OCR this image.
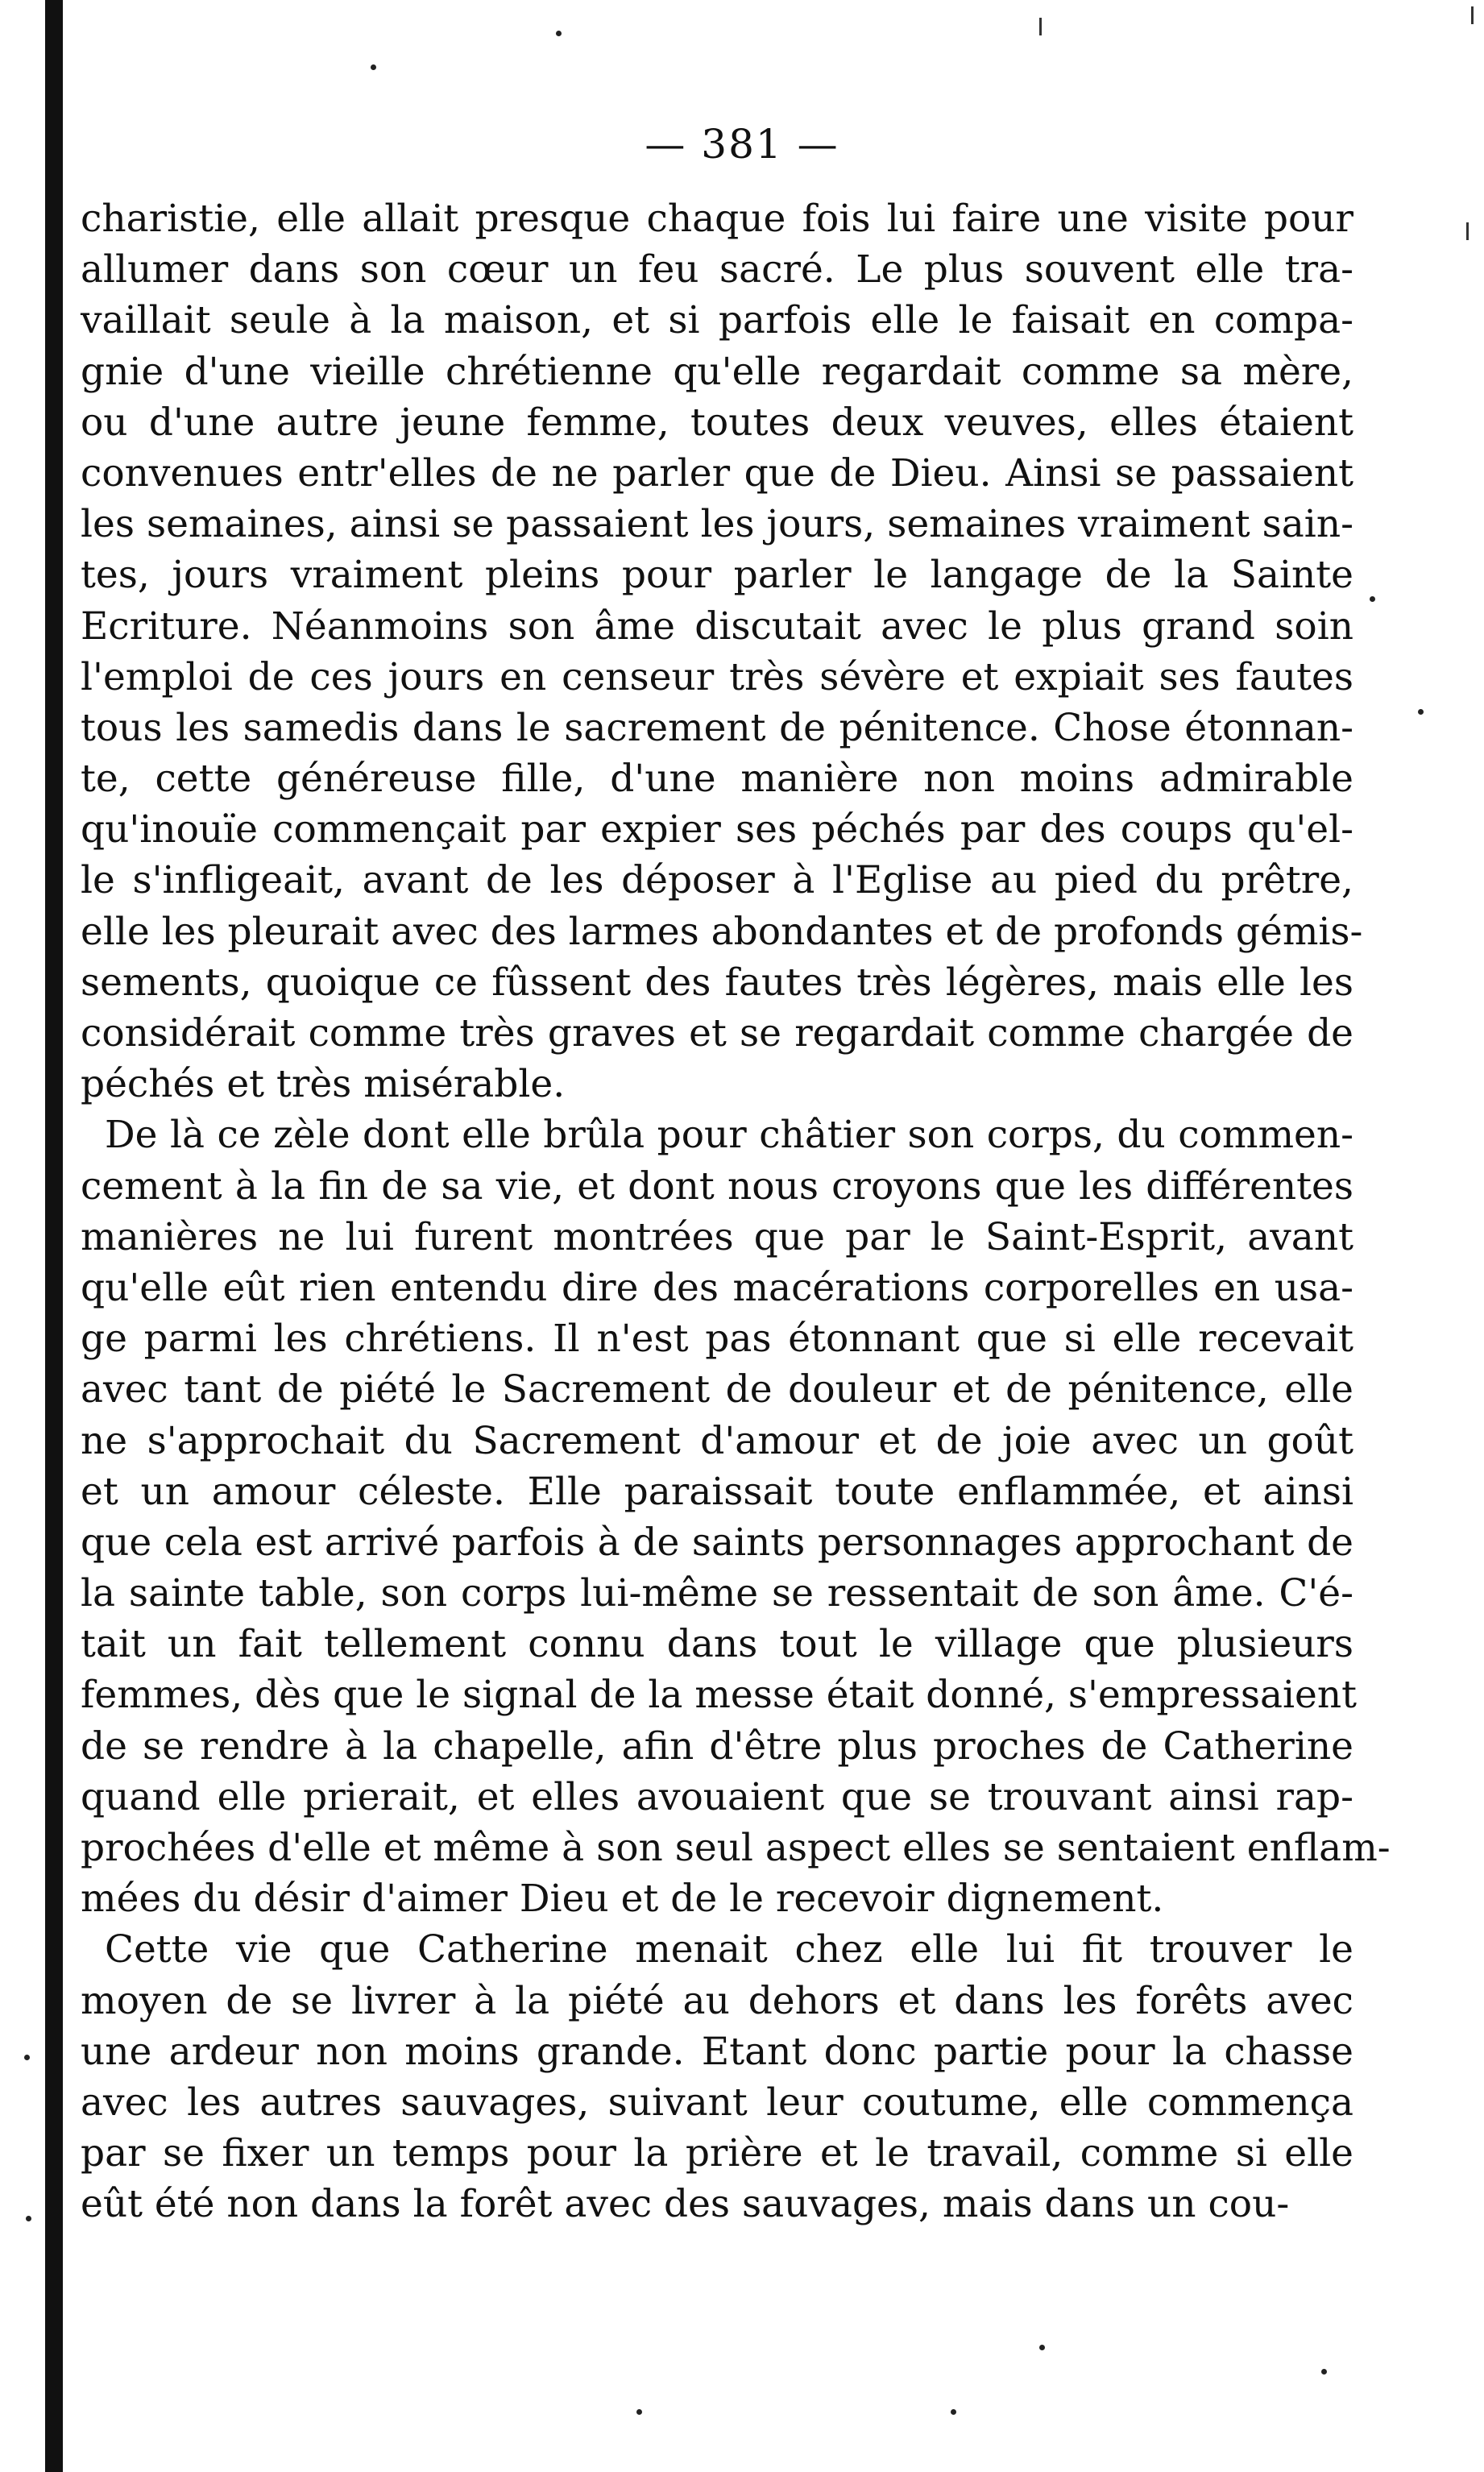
— 381 —
charistie, elle allait presque chaque fois lui faire une visite pour
allumer dans son cœur un feu sacré. Le plus souvent elle tra-
vaillait seule à la maison, et si parfois elle le faisait en compa-
gnie d'une vieille chrétienne qu'elle regardait comme sa mère,
ou d'une autre jeune femme, toutes deux veuves, elles étaient
convenues entr'elles de ne parler que de Dieu. Ainsi se passaient
les semaines, ainsi se passaient les jours, semaines vraiment sain-
tes, jours vraiment pleins pour parler le langage de la Sainte
Ecriture. Néanmoins son âme discutait avec le plus grand soin
l'emploi de ces jours en censeur très sévère et expiait ses fautes
tous les samedis dans le sacrement de pénitence. Chose étonnan-
te, cette généreuse fille, d'une manière non moins admirable
qu'inouïe commençait par expier ses péchés par des coups qu'el-
le s'infligeait, avant de les déposer à l'Eglise au pied du prêtre,
elle les pleurait avec des larmes abondantes et de profonds gémis-
sements, quoique ce fûssent des fautes très légères, mais elle les
considérait comme très graves et se regardait comme chargée de
péchés et très misérable.
De là ce zèle dont elle brûla pour châtier son corps, du commen-
cement à la fin de sa vie, et dont nous croyons que les différentes
manières ne lui furent montrées que par le Saint-Esprit, avant
qu'elle eût rien entendu dire des macérations corporelles en usa-
ge parmi les chrétiens. Il n'est pas étonnant que si elle recevait
avec tant de piété le Sacrement de douleur et de pénitence, elle
ne s'approchait du Sacrement d'amour et de joie avec un goût
et un amour céleste. Elle paraissait toute enflammée, et ainsi
que cela est arrivé parfois à de saints personnages approchant de
la sainte table, son corps lui-même se ressentait de son âme. C'é-
tait un fait tellement connu dans tout le village que plusieurs
femmes, dès que le signal de la messe était donné, s'empressaient
de se rendre à la chapelle, afin d'être plus proches de Catherine
quand elle prierait, et elles avouaient que se trouvant ainsi rap-
prochées d'elle et même à son seul aspect elles se sentaient enflam-
mées du désir d'aimer Dieu et de le recevoir dignement.
Cette vie que Catherine menait chez elle lui fit trouver le
moyen de se livrer à la piété au dehors et dans les forêts avec
une ardeur non moins grande. Etant donc partie pour la chasse
avec les autres sauvages, suivant leur coutume, elle commença
par se fixer un temps pour la prière et le travail, comme si elle
eût été non dans la forêt avec des sauvages, mais dans un cou-
